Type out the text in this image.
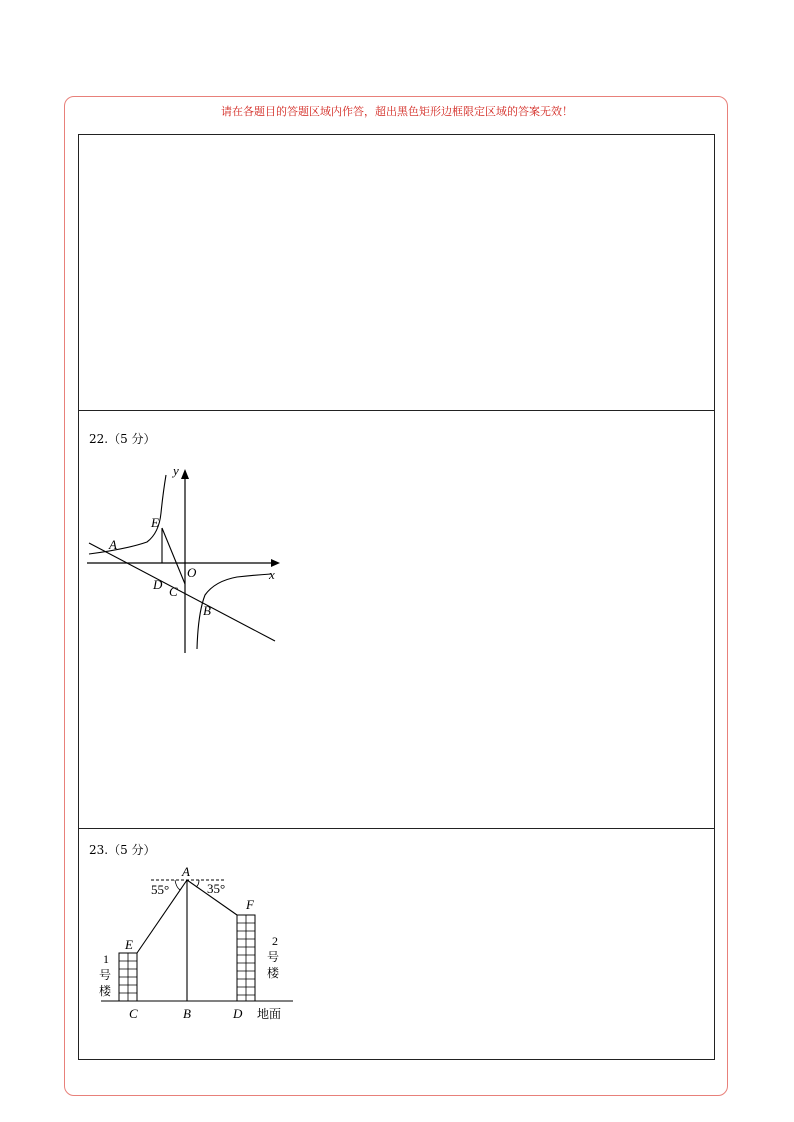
请在各题目的答题区域内作答，超出黑色矩形边框限定区域的答案无效！
22.（5 分）
y
x
O
A
E
D C
B
23.（5 分）
A
55°	35°
E
F
C	B	D 地面
1
号
楼
2
号
楼
